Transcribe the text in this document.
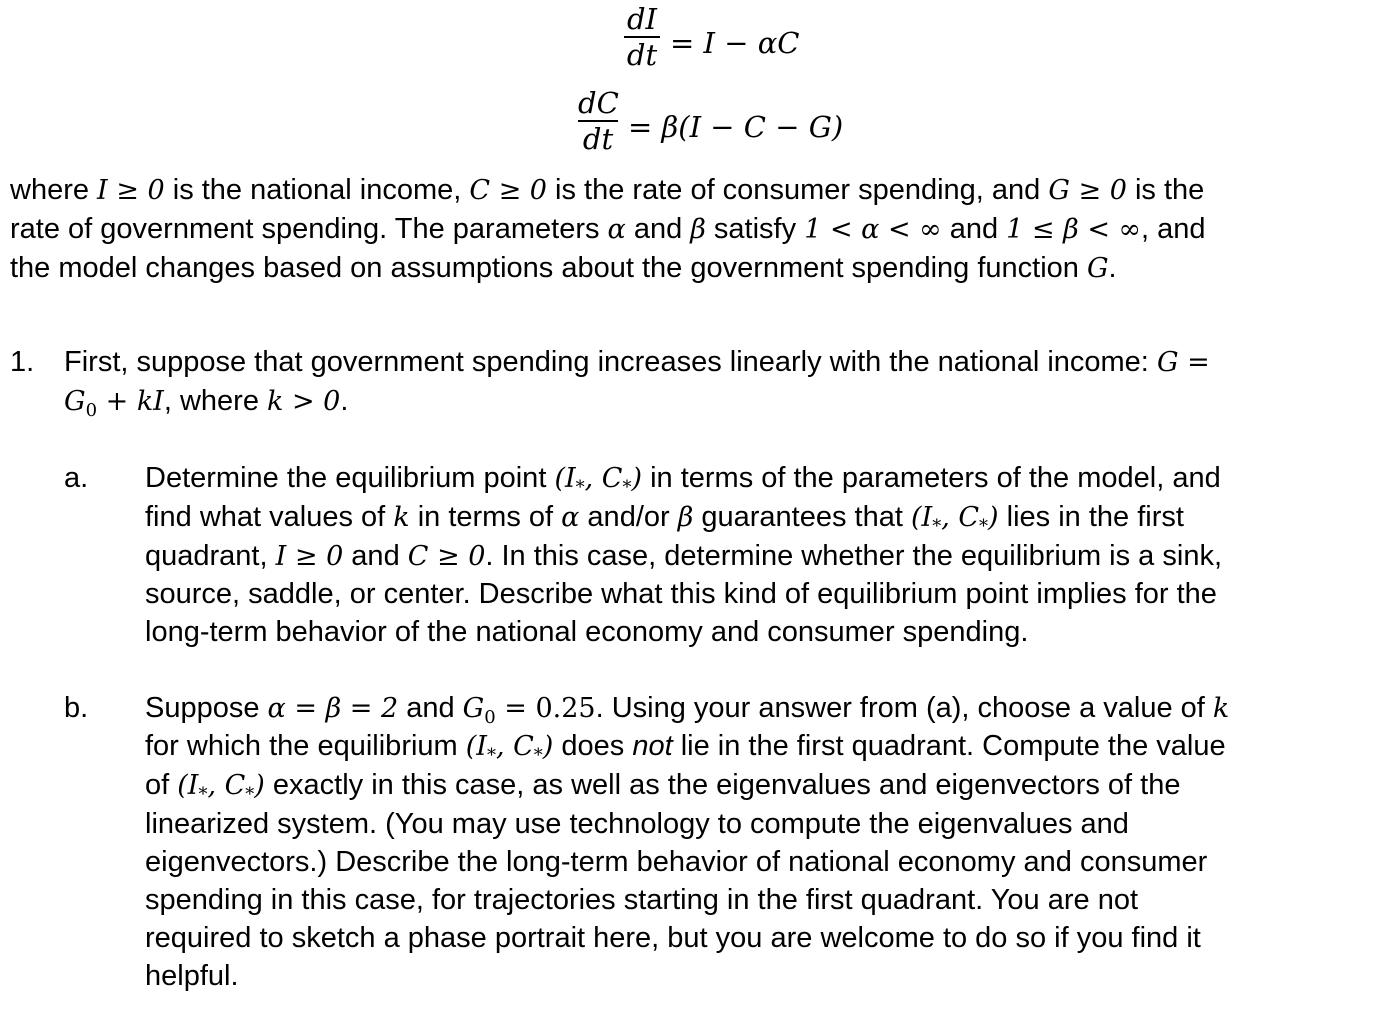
dI
dt = I − αC
dC
dt = β(I − C − G)
where I ≥ 0 is the national income, C ≥ 0 is the rate of consumer spending, and G ≥ 0 is the
rate of government spending. The parameters α and β satisfy 1 < α < ∞ and 1 ≤ β < ∞, and
the model changes based on assumptions about the government spending function G.
1. First, suppose that government spending increases linearly with the national income: G =
$G_0$ + kI, where k > 0.
a. Determine the equilibrium point ($I_*$, $C_*$) in terms of the parameters of the model, and
find what values of k in terms of α and/or β guarantees that ($I_*$, $C_*$) lies in the first
quadrant, I ≥ 0 and C ≥ 0. In this case, determine whether the equilibrium is a sink,
source, saddle, or center. Describe what this kind of equilibrium point implies for the
long-term behavior of the national economy and consumer spending.
b. Suppose α = β = 2 and $G_0 = 0.25$. Using your answer from (a), choose a value of k
for which the equilibrium ($I_*$, $C_*$) does not lie in the first quadrant. Compute the value
of ($I_*$, $C_*$) exactly in this case, as well as the eigenvalues and eigenvectors of the
linearized system. (You may use technology to compute the eigenvalues and
eigenvectors.) Describe the long-term behavior of national economy and consumer
spending in this case, for trajectories starting in the first quadrant. You are not
required to sketch a phase portrait here, but you are welcome to do so if you find it
helpful.
